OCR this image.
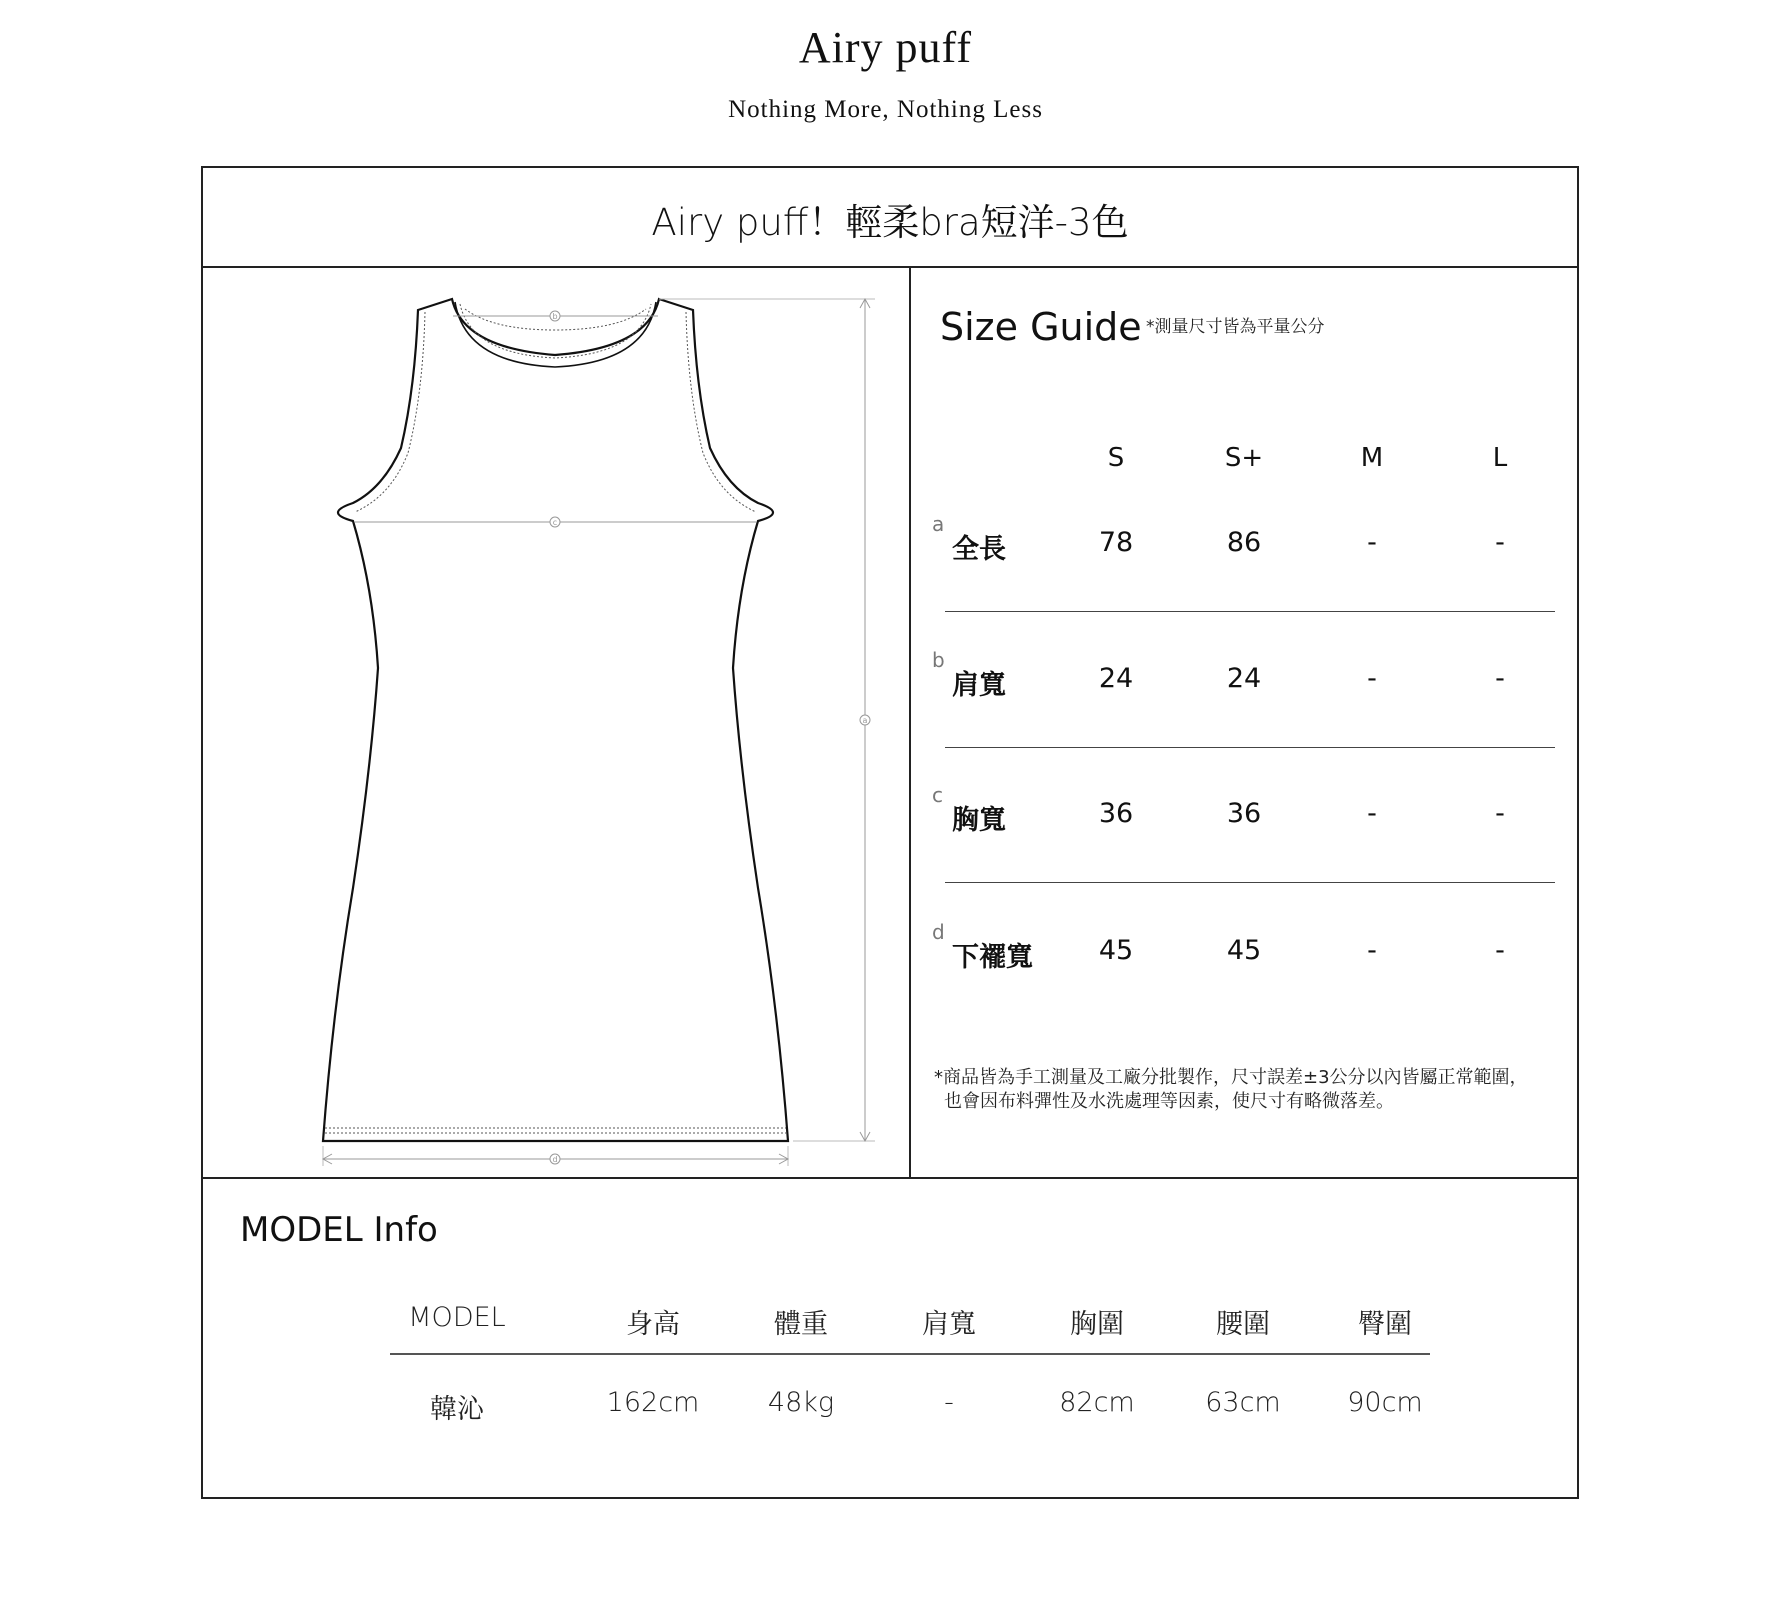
Airy puff
Nothing More, Nothing Less
Airy puff！輕柔bra短洋-3色
b
c
a
d
Size Guide *測量尺寸皆為平量公分
S	S+	M	L
a
全長	78	86	-	-
b
肩寬	24	24	-	-
c
胸寬	36	36	-	-
d
下襬寬	45	45	-	-
*商品皆為手工測量及工廠分批製作，尺寸誤差±3公分以內皆屬正常範圍，
也會因布料彈性及水洗處理等因素，使尺寸有略微落差。
MODEL Info
MODEL	身高	體重	肩寬	胸圍	腰圍	臀圍
韓沁	162cm	48kg	-	82cm	63cm	90cm
